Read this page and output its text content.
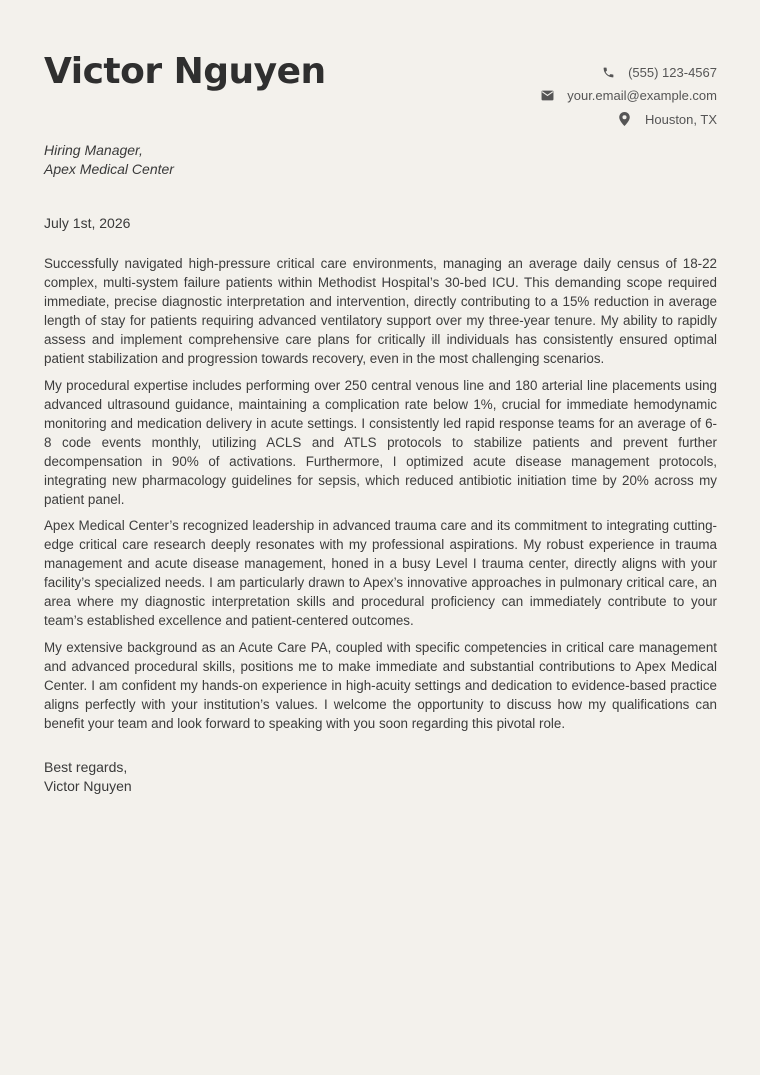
Victor Nguyen	(555) 123-4567
your.email@example.com
Houston, TX
Hiring Manager,
Apex Medical Center
July 1st, 2026

Successfully navigated high-pressure critical care environments, managing an average daily census of 18-22 complex, multi-system failure patients within Methodist Hospital’s 30-bed ICU. This demanding scope required immediate, precise diagnostic interpretation and intervention, directly contributing to a 15% reduction in average length of stay for patients requiring advanced ventilatory support over my three-year tenure. My ability to rapidly assess and implement comprehensive care plans for critically ill individuals has consistently ensured optimal patient stabilization and progression towards recovery, even in the most challenging scenarios.

My procedural expertise includes performing over 250 central venous line and 180 arterial line placements using advanced ultrasound guidance, maintaining a complication rate below 1%, crucial for immediate hemodynamic monitoring and medication delivery in acute settings. I consistently led rapid response teams for an average of 6-8 code events monthly, utilizing ACLS and ATLS protocols to stabilize patients and prevent further decompensation in 90% of activations. Furthermore, I optimized acute disease management protocols, integrating new pharmacology guidelines for sepsis, which reduced antibiotic initiation time by 20% across my patient panel.

Apex Medical Center’s recognized leadership in advanced trauma care and its commitment to integrating cutting-edge critical care research deeply resonates with my professional aspirations. My robust experience in trauma management and acute disease management, honed in a busy Level I trauma center, directly aligns with your facility’s specialized needs. I am particularly drawn to Apex’s innovative approaches in pulmonary critical care, an area where my diagnostic interpretation skills and procedural proficiency can immediately contribute to your team’s established excellence and patient-centered outcomes.

My extensive background as an Acute Care PA, coupled with specific competencies in critical care management and advanced procedural skills, positions me to make immediate and substantial contributions to Apex Medical Center. I am confident my hands-on experience in high-acuity settings and dedication to evidence-based practice aligns perfectly with your institution’s values. I welcome the opportunity to discuss how my qualifications can benefit your team and look forward to speaking with you soon regarding this pivotal role.

Best regards,
Victor Nguyen
